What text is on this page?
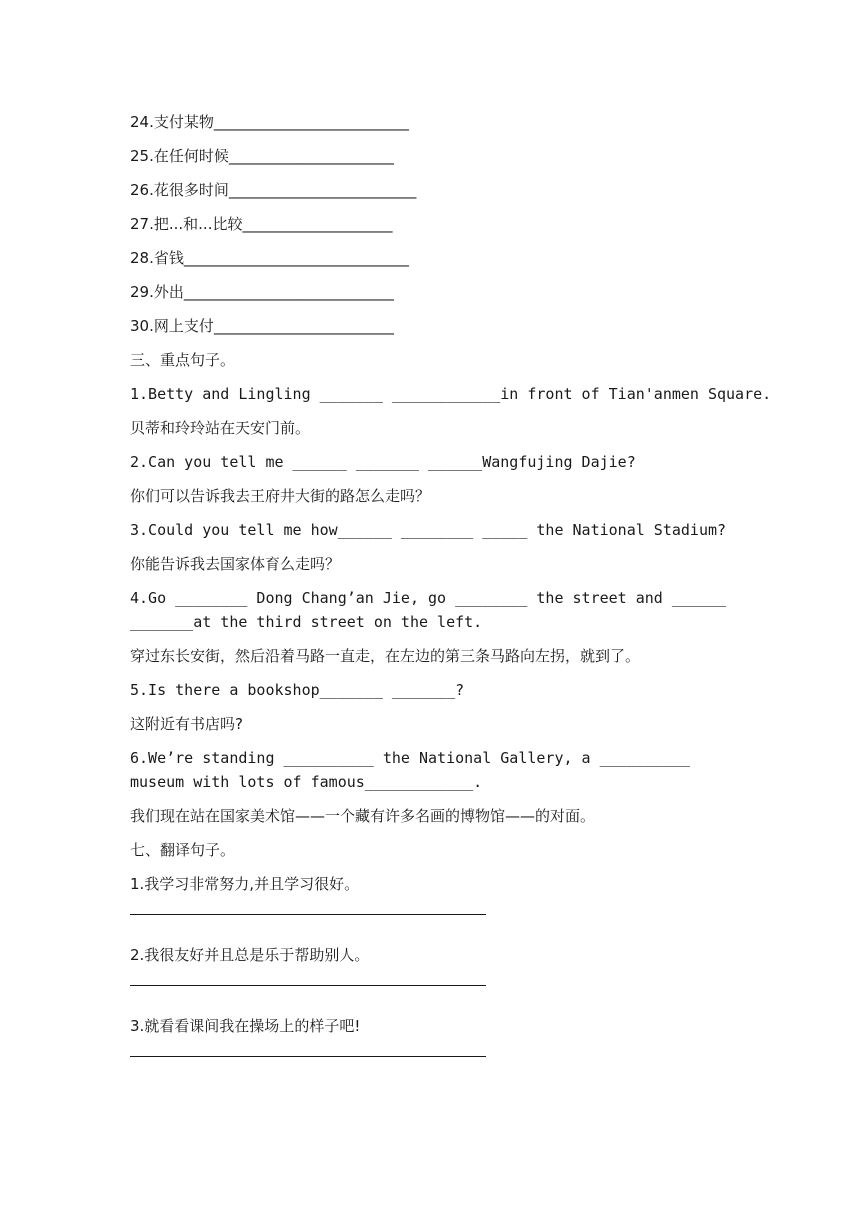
24.支付某物__________________________
25.在任何时候______________________
26.花很多时间_________________________
27.把...和...比较____________________
28.省钱______________________________
29.外出____________________________
30.网上支付________________________
三、重点句子。
1.Betty and Lingling _______ ____________in front of Tian'anmen Square.
贝蒂和玲玲站在天安门前。
2.Can you tell me ______ _______ ______Wangfujing Dajie?
你们可以告诉我去王府井大街的路怎么走吗？
3.Could you tell me how______ ________ _____ the National Stadium?
你能告诉我去国家体育么走吗？
4.Go ________ Dong Chang’an Jie, go ________ the street and ______ _______at the third street on the left.
穿过东长安街，然后沿着马路一直走，在左边的第三条马路向左拐，就到了。
5.Is there a bookshop_______ _______?
这附近有书店吗?
6.We’re standing __________ the National Gallery, a __________ museum with lots of famous____________.
我们现在站在国家美术馆——一个藏有许多名画的博物馆——的对面。
七、翻译句子。
1.我学习非常努力,并且学习很好。
2.我很友好并且总是乐于帮助别人。
3.就看看课间我在操场上的样子吧!
